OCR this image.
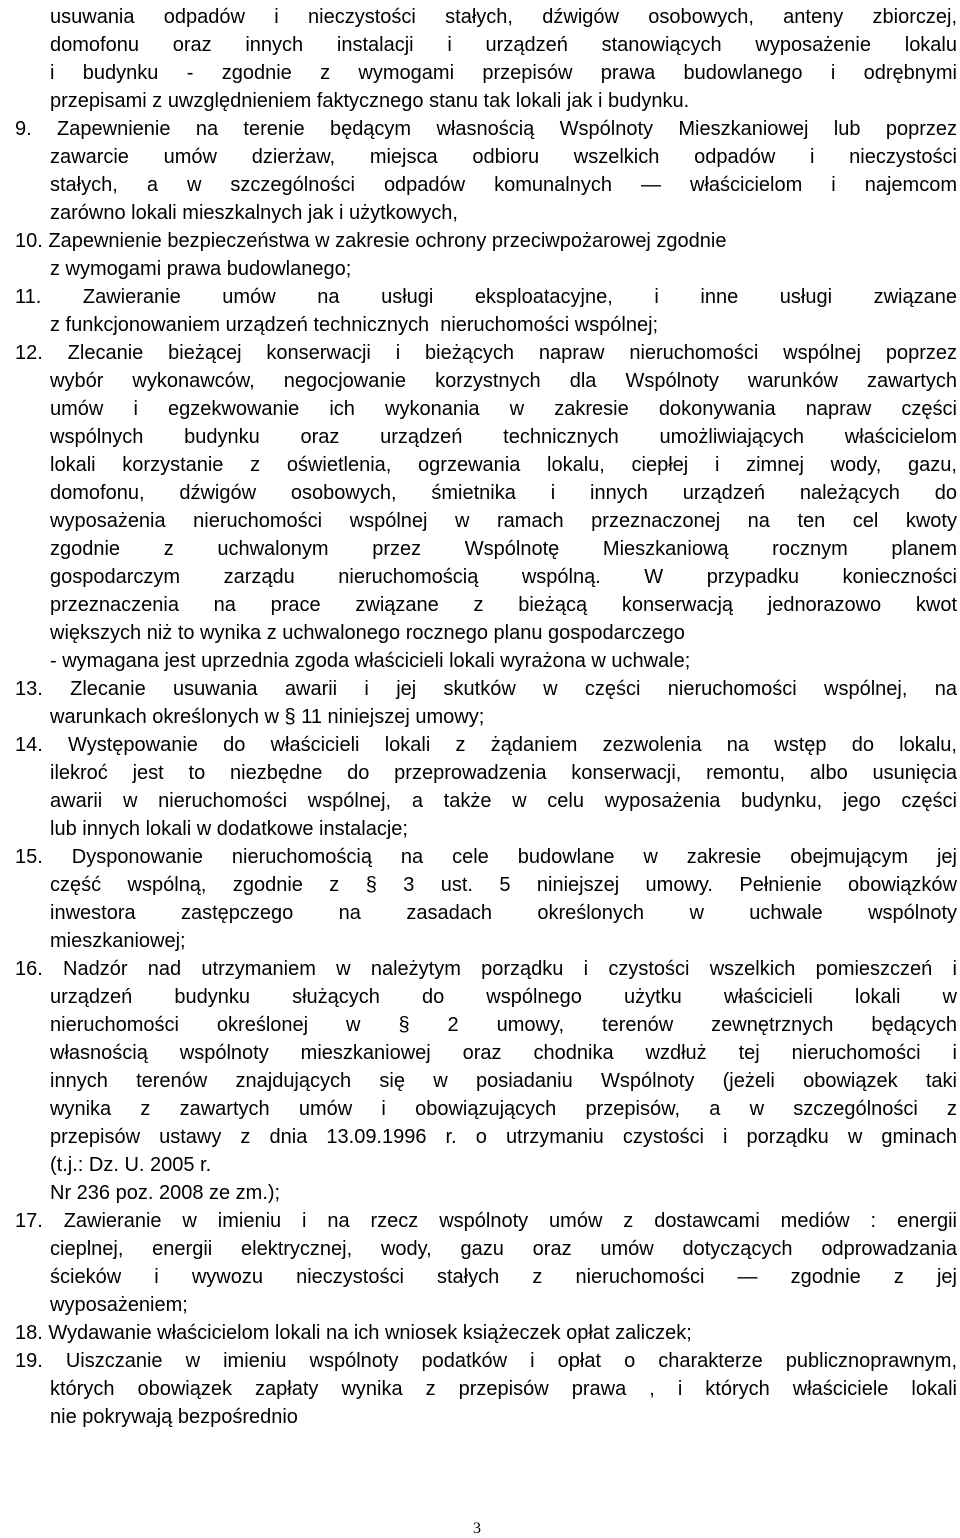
usuwania odpadów i nieczystości stałych, dźwigów osobowych, anteny zbiorczej,
domofonu oraz innych instalacji i urządzeń stanowiących wyposażenie lokalu
i budynku - zgodnie z wymogami przepisów prawa budowlanego i odrębnymi
przepisami z uwzględnieniem faktycznego stanu tak lokali jak i budynku.
9. Zapewnienie na terenie będącym własnością Wspólnoty Mieszkaniowej lub poprzez
zawarcie umów dzierżaw, miejsca odbioru wszelkich odpadów i nieczystości
stałych, a w szczególności odpadów komunalnych — właścicielom i najemcom
zarówno lokali mieszkalnych jak i użytkowych,
10. Zapewnienie bezpieczeństwa w zakresie ochrony przeciwpożarowej zgodnie
z wymogami prawa budowlanego;
11. Zawieranie umów na usługi eksploatacyjne, i inne usługi związane
z funkcjonowaniem urządzeń technicznych  nieruchomości wspólnej;
12. Zlecanie bieżącej konserwacji i bieżących napraw nieruchomości wspólnej poprzez
wybór wykonawców, negocjowanie korzystnych dla Wspólnoty warunków zawartych
umów i egzekwowanie ich wykonania w zakresie dokonywania napraw części
wspólnych budynku oraz urządzeń technicznych umożliwiających właścicielom
lokali korzystanie z oświetlenia, ogrzewania lokalu, ciepłej i zimnej wody, gazu,
domofonu, dźwigów osobowych, śmietnika i innych urządzeń należących do
wyposażenia nieruchomości wspólnej w ramach przeznaczonej na ten cel kwoty
zgodnie z uchwalonym przez Wspólnotę Mieszkaniową rocznym planem
gospodarczym zarządu nieruchomością wspólną. W przypadku konieczności
przeznaczenia na prace związane z bieżącą konserwacją jednorazowo kwot
większych niż to wynika z uchwalonego rocznego planu gospodarczego
- wymagana jest uprzednia zgoda właścicieli lokali wyrażona w uchwale;
13. Zlecanie usuwania awarii i jej skutków w części nieruchomości wspólnej, na
warunkach określonych w § 11 niniejszej umowy;
14. Występowanie do właścicieli lokali z żądaniem zezwolenia na wstęp do lokalu,
ilekroć jest to niezbędne do przeprowadzenia konserwacji, remontu, albo usunięcia
awarii w nieruchomości wspólnej, a także w celu wyposażenia budynku, jego części
lub innych lokali w dodatkowe instalacje;
15. Dysponowanie nieruchomością na cele budowlane w zakresie obejmującym jej
część wspólną, zgodnie z § 3 ust. 5 niniejszej umowy. Pełnienie obowiązków
inwestora zastępczego na zasadach określonych w uchwale wspólnoty
mieszkaniowej;
16. Nadzór nad utrzymaniem w należytym porządku i czystości wszelkich pomieszczeń i
urządzeń budynku służących do wspólnego użytku właścicieli lokali w
nieruchomości określonej w § 2 umowy, terenów zewnętrznych będących
własnością wspólnoty mieszkaniowej oraz chodnika wzdłuż tej nieruchomości i
innych terenów znajdujących się w posiadaniu Wspólnoty (jeżeli obowiązek taki
wynika z zawartych umów i obowiązujących przepisów, a w szczególności z
przepisów ustawy z dnia 13.09.1996 r. o utrzymaniu czystości i porządku w gminach
(t.j.: Dz. U. 2005 r.
Nr 236 poz. 2008 ze zm.);
17. Zawieranie w imieniu i na rzecz wspólnoty umów z dostawcami mediów : energii
cieplnej, energii elektrycznej, wody, gazu oraz umów dotyczących odprowadzania
ścieków i wywozu nieczystości stałych z nieruchomości — zgodnie z jej
wyposażeniem;
18. Wydawanie właścicielom lokali na ich wniosek książeczek opłat zaliczek;
19. Uiszczanie w imieniu wspólnoty podatków i opłat o charakterze publicznoprawnym,
których obowiązek zapłaty wynika z przepisów prawa , i których właściciele lokali
nie pokrywają bezpośrednio
3
